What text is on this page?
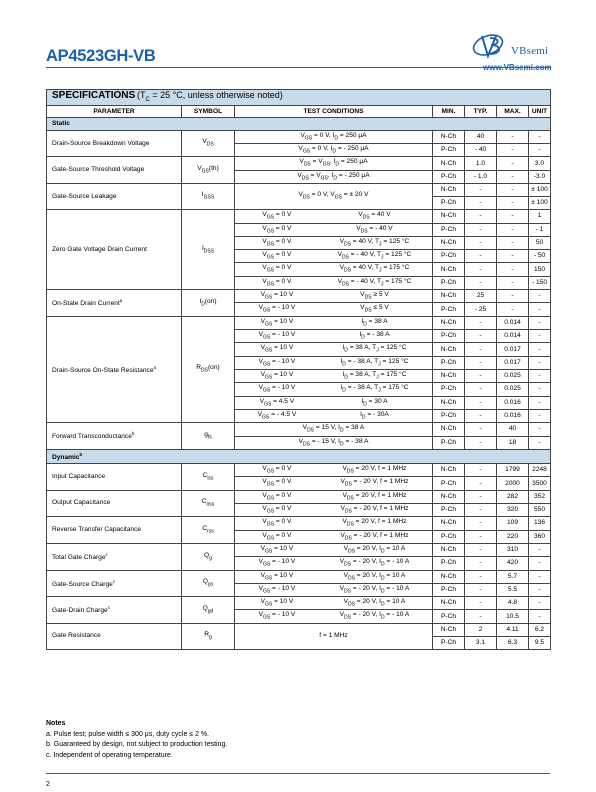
AP4523GH-VB	VBsemi
www.VBsemi.com
SPECIFICATIONS ($T_C = 25$ °C, unless otherwise noted)							
PARAMETER	SYMBOL	TEST CONDITIONS	MIN.	TYP.	MAX.	UNIT	
Static							
Drain-Source Breakdown Voltage	$V_{DS}$	$V_{GS} = 0$ V, $I_D = 250$ µA	N-Ch	40	-	-	
		$V_{GS} = 0$ V, $I_D$ = - 250 µA	P-Ch	- 40	-	-	
Gate-Source Threshold Voltage	$V_{GS}(th)$	$V_{DS} = V_{GS}$, $I_D = 250$ µA	N-Ch	1.0	-	3.0	
		$V_{DS} = V_{GS}$, $I_D$ = - 250 µA	P-Ch	- 1.0	-	-3.0	
Gate-Source Leakage	$I_{GSS}$	$V_{DS} = 0$ V, $V_{GS}$ = ± 20 V	N-Ch	-	-	± 100	
			P-Ch	-	-	± 100	
Zero Gate Voltage Drain Current	$I_{DSS}$	$V_{GS} = 0$ V $V_{DS} = 40$ V	N-Ch	-	-	1	

		$V_{GS} = 0$ V $V_{DS}$ = - 40 V	P-Ch	-	-	- 1	

		$V_{GS} = 0$ V $V_{DS} = 40$ V, $T_J = 125$ °C	N-Ch	-	-	50	

		$V_{GS} = 0$ V $V_{DS}$ = - 40 V, $T_J = 125$ °C	P-Ch	-	-	- 50	

		$V_{GS} = 0$ V $V_{DS} = 40$ V, $T_J = 175$ °C	N-Ch	-	-	150	

		$V_{GS} = 0$ V $V_{DS}$ = - 40 V, $T_J = 175$ °C	P-Ch	-	-	- 150	
On-State Drain Current$^a$	$I_D(on)$	$V_{GS} = 10$ V $V_{DS} \ge 5$ V	N-Ch	25	-	-	

		$V_{GS}$ = - 10 V $V_{DS} \le 5$ V	P-Ch	- 25	-	-	
Drain-Source On-State Resistance$^a$	$R_{DS}(on)$	$V_{GS} = 10$ V $I_D = 38$ A	N-Ch	-	0.014	-	

		$V_{GS}$ = - 10 V $I_D$ = - 38 A	P-Ch	-	0.014	-	

		$V_{GS} = 10$ V $I_D = 38$ A, $T_J = 125$ °C	N-Ch	-	0.017	-	

		$V_{GS}$ = - 10 V $I_D$ = - 38 A, $T_J = 125$ °C	P-Ch	-	0.017	-	

		$V_{GS} = 10$ V $I_D = 38$ A, $T_J = 175$ °C	N-Ch	-	0.025	-	

		$V_{GS}$ = - 10 V $I_D$ = - 38 A, $T_J = 175$ °C	P-Ch	-	0.025	-	

		$V_{GS} = 4.5$ V $I_D = 30$ A	N-Ch	-	0.016	-	

		$V_{GS}$ = - 4.5 V $I_D$ = - 30A	P-Ch	-	0.016	-	
Forward Transconductance$^b$	$g_{fs}$	$V_{DS} = 15$ V, $I_D = 38$ A	N-Ch	-	40	-	
		$V_{DS}$ = - 15 V, $I_D$ = - 38 A	P-Ch	-	18	-	
Dynamic$^b$
Input Capacitance	$C_{iss}$	$V_{GS} = 0$ V $V_{DS} = 20$ V, f = 1 MHz	N-Ch	-	1799	2248	

		$V_{GS} = 0$ V $V_{DS}$ = - 20 V, f = 1 MHz	P-Ch	-	2000	3500	
Output Capacitance	$C_{oss}$	$V_{GS} = 0$ V $V_{DS} = 20$ V, f = 1 MHz	N-Ch	-	282	352	

		$V_{GS} = 0$ V $V_{DS}$ = - 20 V, f = 1 MHz	P-Ch	-	320	550	
Reverse Transfer Capacitance	$C_{rss}$	$V_{GS} = 0$ V $V_{DS} = 20$ V, f = 1 MHz	N-Ch	-	109	136	

		$V_{GS} = 0$ V $V_{DS}$ = - 20 V, f = 1 MHz	P-Ch	-	220	360	
Total Gate Charge$^c$	$Q_g$	$V_{GS} = 10$ V $V_{DS} = 20$ V, $I_D = 10$ A	N-Ch	-	310	-	

		$V_{GS}$ = - 10 V $V_{DS}$ = - 20 V, $I_D$ = - 10 A	P-Ch	-	420	-	
Gate-Source Charge$^c$	$Q_{gs}$	$V_{GS} = 10$ V $V_{DS} = 20$ V, $I_D = 10$ A	N-Ch	-	5.7	-	

		$V_{GS}$ = - 10 V $V_{DS}$ = - 20 V, $I_D$ = - 10 A	P-Ch	-	5.5	-	
Gate-Drain Charge$^c$	$Q_{gd}$	$V_{GS} = 10$ V $V_{DS} = 20$ V, $I_D = 10$ A	N-Ch	-	4.8	-	

		$V_{GS}$ = - 10 V $V_{DS}$ = - 20 V, $I_D$ = - 10 A	P-Ch	-	10.5	-	
Gate Resistance	$R_g$	f = 1 MHz	N-Ch	2	4.11	6.2	
			P-Ch	3.1	6.3	9.5	
Notes
a. Pulse test; pulse width ≤ 300 µs, duty cycle ≤ 2 %.
b. Guaranteed by design, not subject to production testing.
c. Independent of operating temperature.
2
